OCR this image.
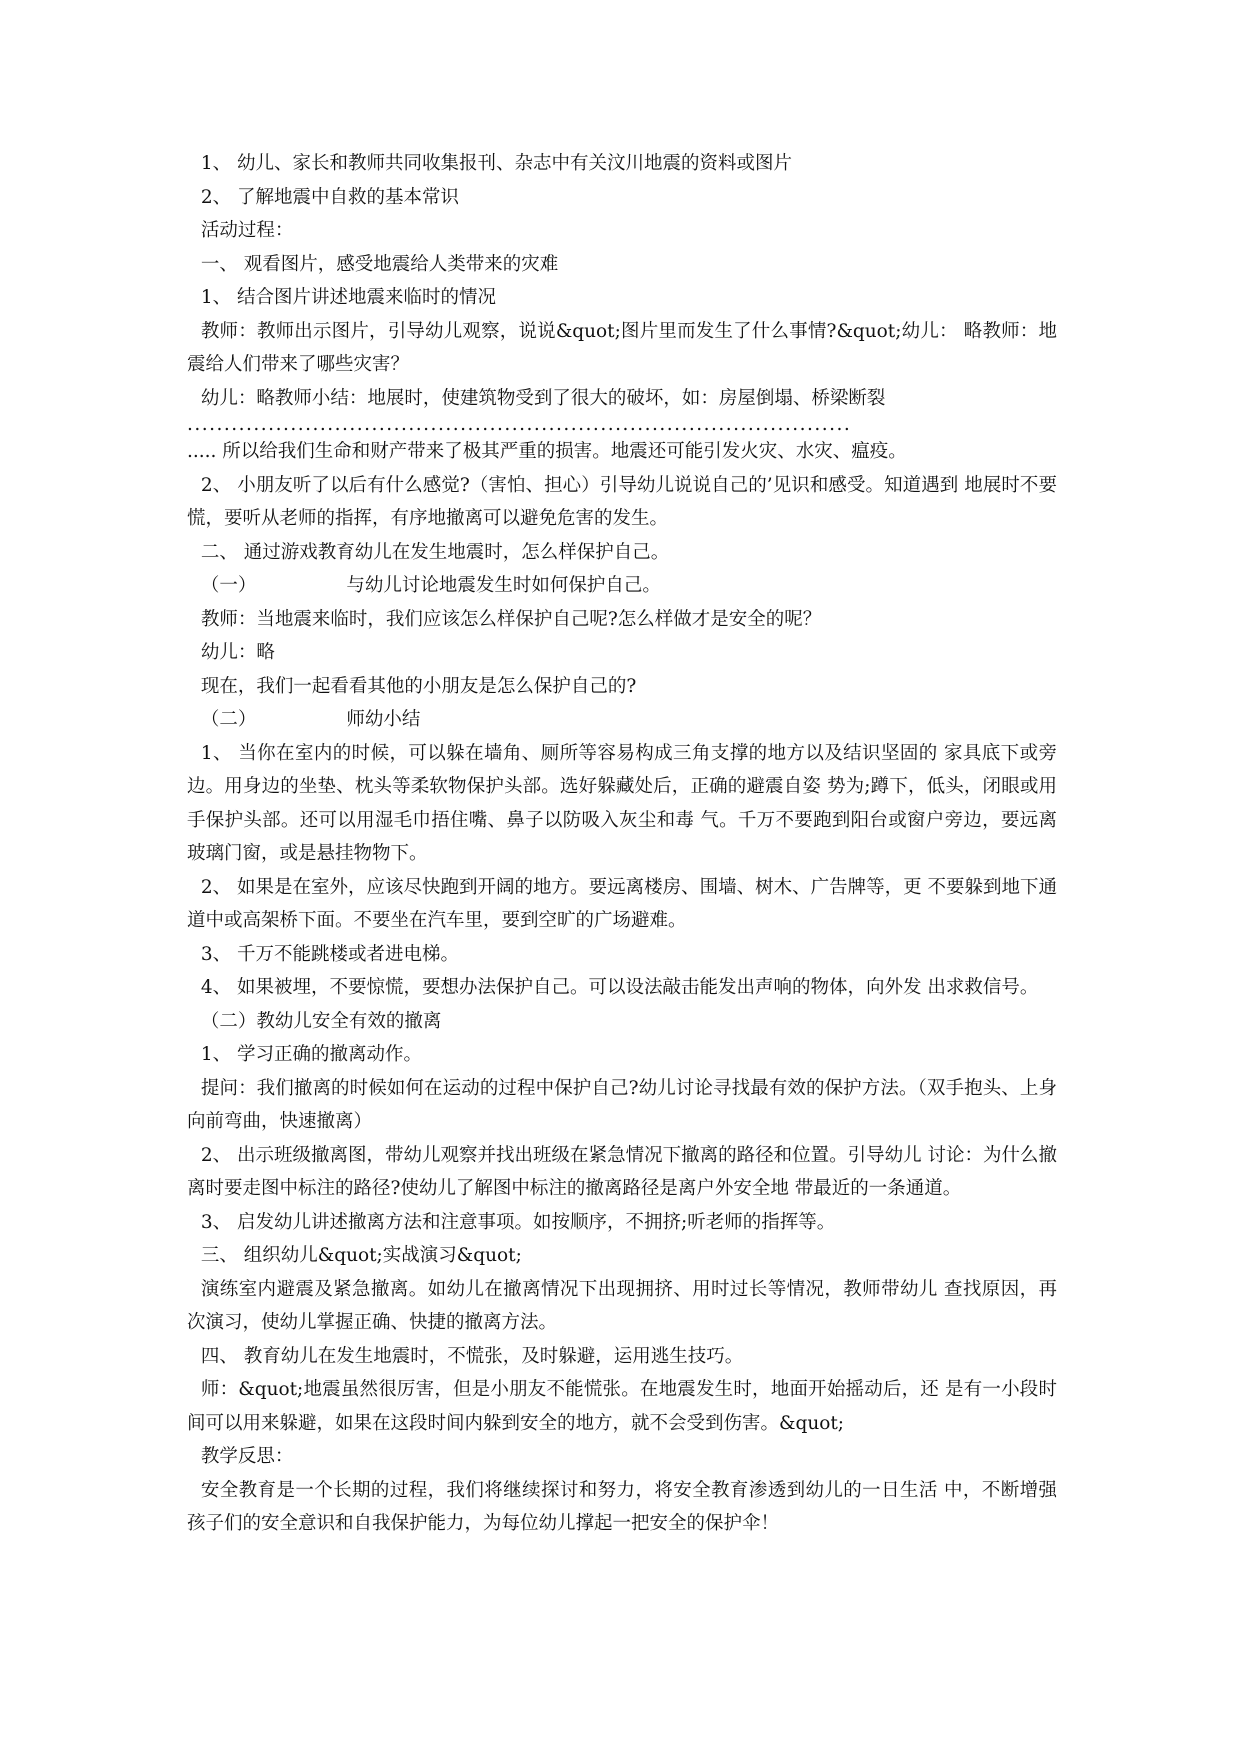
1、 幼儿、家长和教师共同收集报刊、杂志中有关汶川地震的资料或图片

2、 了解地震中自救的基本常识

活动过程：

一、 观看图片，感受地震给人类带来的灾难

1、 结合图片讲述地震来临时的情况

教师：教师出示图片，引导幼儿观察，说说&quot;图片里而发生了什么事情?&quot;幼儿： 略教师：地震给人们带来了哪些灾害？

幼儿：略教师小结：地展时，使建筑物受到了很大的破坏，如：房屋倒塌、桥梁断裂

..........................................................................................

..... 所以给我们生命和财产带来了极其严重的损害。地震还可能引发火灾、水灾、瘟疫。

2、 小朋友听了以后有什么感觉?（害怕、担心）引导幼儿说说自己的’见识和感受。知道遇到 地展时不要慌，要听从老师的指挥，有序地撤离可以避免危害的发生。

二、 通过游戏教育幼儿在发生地震时，怎么样保护自己。

（一）	与幼儿讨论地震发生时如何保护自己。

教师：当地震来临时，我们应该怎么样保护自己呢?怎么样做才是安全的呢？

幼儿：略

现在，我们一起看看其他的小朋友是怎么保护自己的?

（二）	师幼小结

1、 当你在室内的时候，可以躲在墙角、厕所等容易构成三角支撑的地方以及结识坚固的 家具底下或旁边。用身边的坐垫、枕头等柔软物保护头部。选好躲藏处后，正确的避震自姿 势为;蹲下，低头，闭眼或用手保护头部。还可以用湿毛巾捂住嘴、鼻子以防吸入灰尘和毒 气。千万不要跑到阳台或窗户旁边，要远离玻璃门窗，或是悬挂物物下。

2、 如果是在室外，应该尽快跑到开阔的地方。要远离楼房、围墙、树木、广告牌等，更 不要躲到地下通道中或高架桥下面。不要坐在汽车里，要到空旷的广场避难。

3、 千万不能跳楼或者进电梯。

4、 如果被埋，不要惊慌，要想办法保护自己。可以设法敲击能发出声响的物体，向外发 出求救信号。

（二）教幼儿安全有效的撤离

1、 学习正确的撤离动作。

提问：我们撤离的时候如何在运动的过程中保护自己?幼儿讨论寻找最有效的保护方法。（双手抱头、上身向前弯曲，快速撤离）

2、 出示班级撤离图，带幼儿观察并找出班级在紧急情况下撤离的路径和位置。引导幼儿 讨论：为什么撤离时要走图中标注的路径?使幼儿了解图中标注的撤离路径是离户外安全地 带最近的一条通道。

3、 启发幼儿讲述撤离方法和注意事项。如按顺序，不拥挤;听老师的指挥等。

三、 组织幼儿&quot;实战演习&quot;

演练室内避震及紧急撤离。如幼儿在撤离情况下出现拥挤、用时过长等情况，教师带幼儿 查找原因，再次演习，使幼儿掌握正确、快捷的撤离方法。

四、 教育幼儿在发生地震时，不慌张，及时躲避，运用逃生技巧。

师：&quot;地震虽然很厉害，但是小朋友不能慌张。在地震发生时，地面开始摇动后，还 是有一小段时间可以用来躲避，如果在这段时间内躲到安全的地方，就不会受到伤害。&quot;

教学反思：

安全教育是一个长期的过程，我们将继续探讨和努力，将安全教育渗透到幼儿的一日生活 中，不断增强孩子们的安全意识和自我保护能力，为每位幼儿撑起一把安全的保护伞！
